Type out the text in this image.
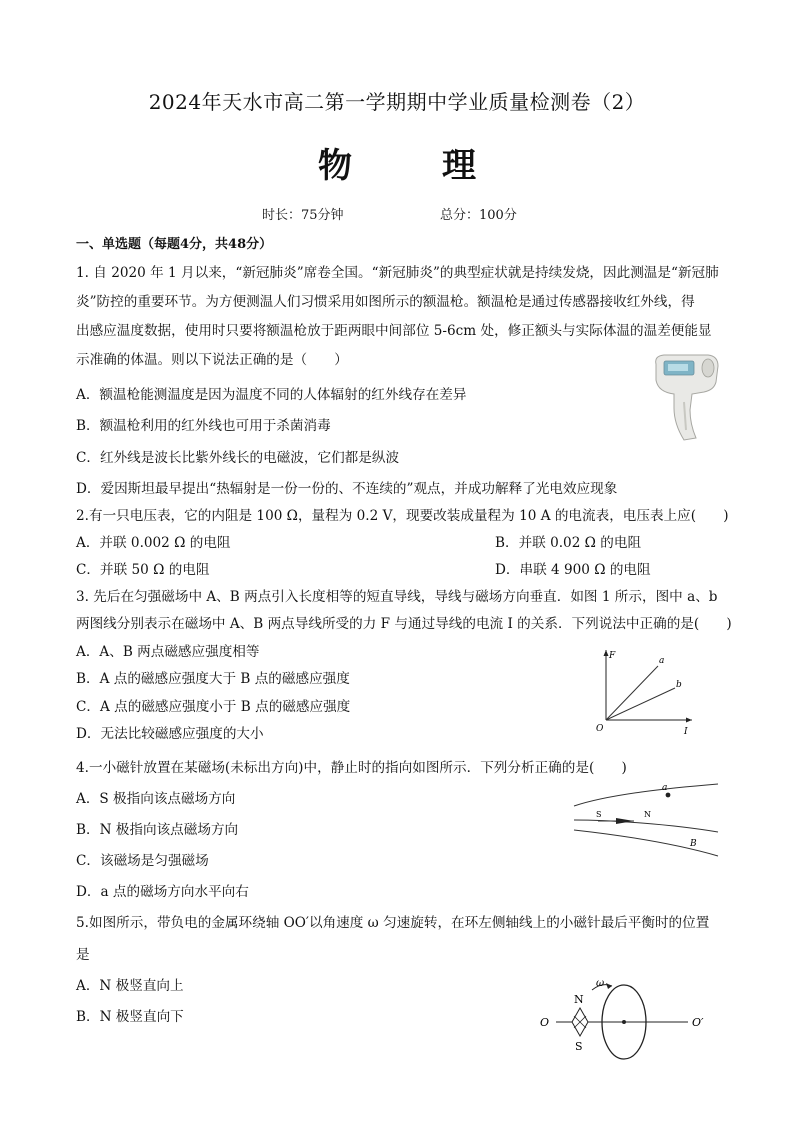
2024年天水市高二第一学期期中学业质量检测卷（2）
物理
时长：75分钟	总分：100分
一、单选题（每题4分，共48分）
1. 自 2020 年 1 月以来，“新冠肺炎”席卷全国。“新冠肺炎”的典型症状就是持续发烧，因此测温是“新冠肺
炎”防控的重要环节。为方便测温人们习惯采用如图所示的额温枪。额温枪是通过传感器接收红外线，得
出感应温度数据，使用时只要将额温枪放于距两眼中间部位 5-6cm 处，修正额头与实际体温的温差便能显
示准确的体温。则以下说法正确的是（　　）
A．额温枪能测温度是因为温度不同的人体辐射的红外线存在差异
B．额温枪利用的红外线也可用于杀菌消毒
C．红外线是波长比紫外线长的电磁波，它们都是纵波
D．爱因斯坦最早提出“热辐射是一份一份的、不连续的”观点，并成功解释了光电效应现象
2.有一只电压表，它的内阻是 100 Ω，量程为 0.2 V，现要改装成量程为 10 A 的电流表，电压表上应(　　)
A．并联 0.002 Ω 的电阻	B．并联 0.02 Ω 的电阻
C．并联 50 Ω 的电阻	D．串联 4 900 Ω 的电阻
3. 先后在匀强磁场中 A、B 两点引入长度相等的短直导线，导线与磁场方向垂直．如图 1 所示，图中 a、b
两图线分别表示在磁场中 A、B 两点导线所受的力 F 与通过导线的电流 I 的关系．下列说法中正确的是(　　)
A．A、B 两点磁感应强度相等
B．A 点的磁感应强度大于 B 点的磁感应强度
C．A 点的磁感应强度小于 B 点的磁感应强度
D．无法比较磁感应强度的大小
F
I
O
a
b
4.一小磁针放置在某磁场(未标出方向)中，静止时的指向如图所示．下列分析正确的是(　　)
A．S 极指向该点磁场方向
B．N 极指向该点磁场方向
C．该磁场是匀强磁场
D．a 点的磁场方向水平向右
a
S	N
B
5.如图所示，带负电的金属环绕轴 OO′以角速度 ω 匀速旋转，在环左侧轴线上的小磁针最后平衡时的位置
是
A．N 极竖直向上
B．N 极竖直向下	O	O′
N
S
ω
